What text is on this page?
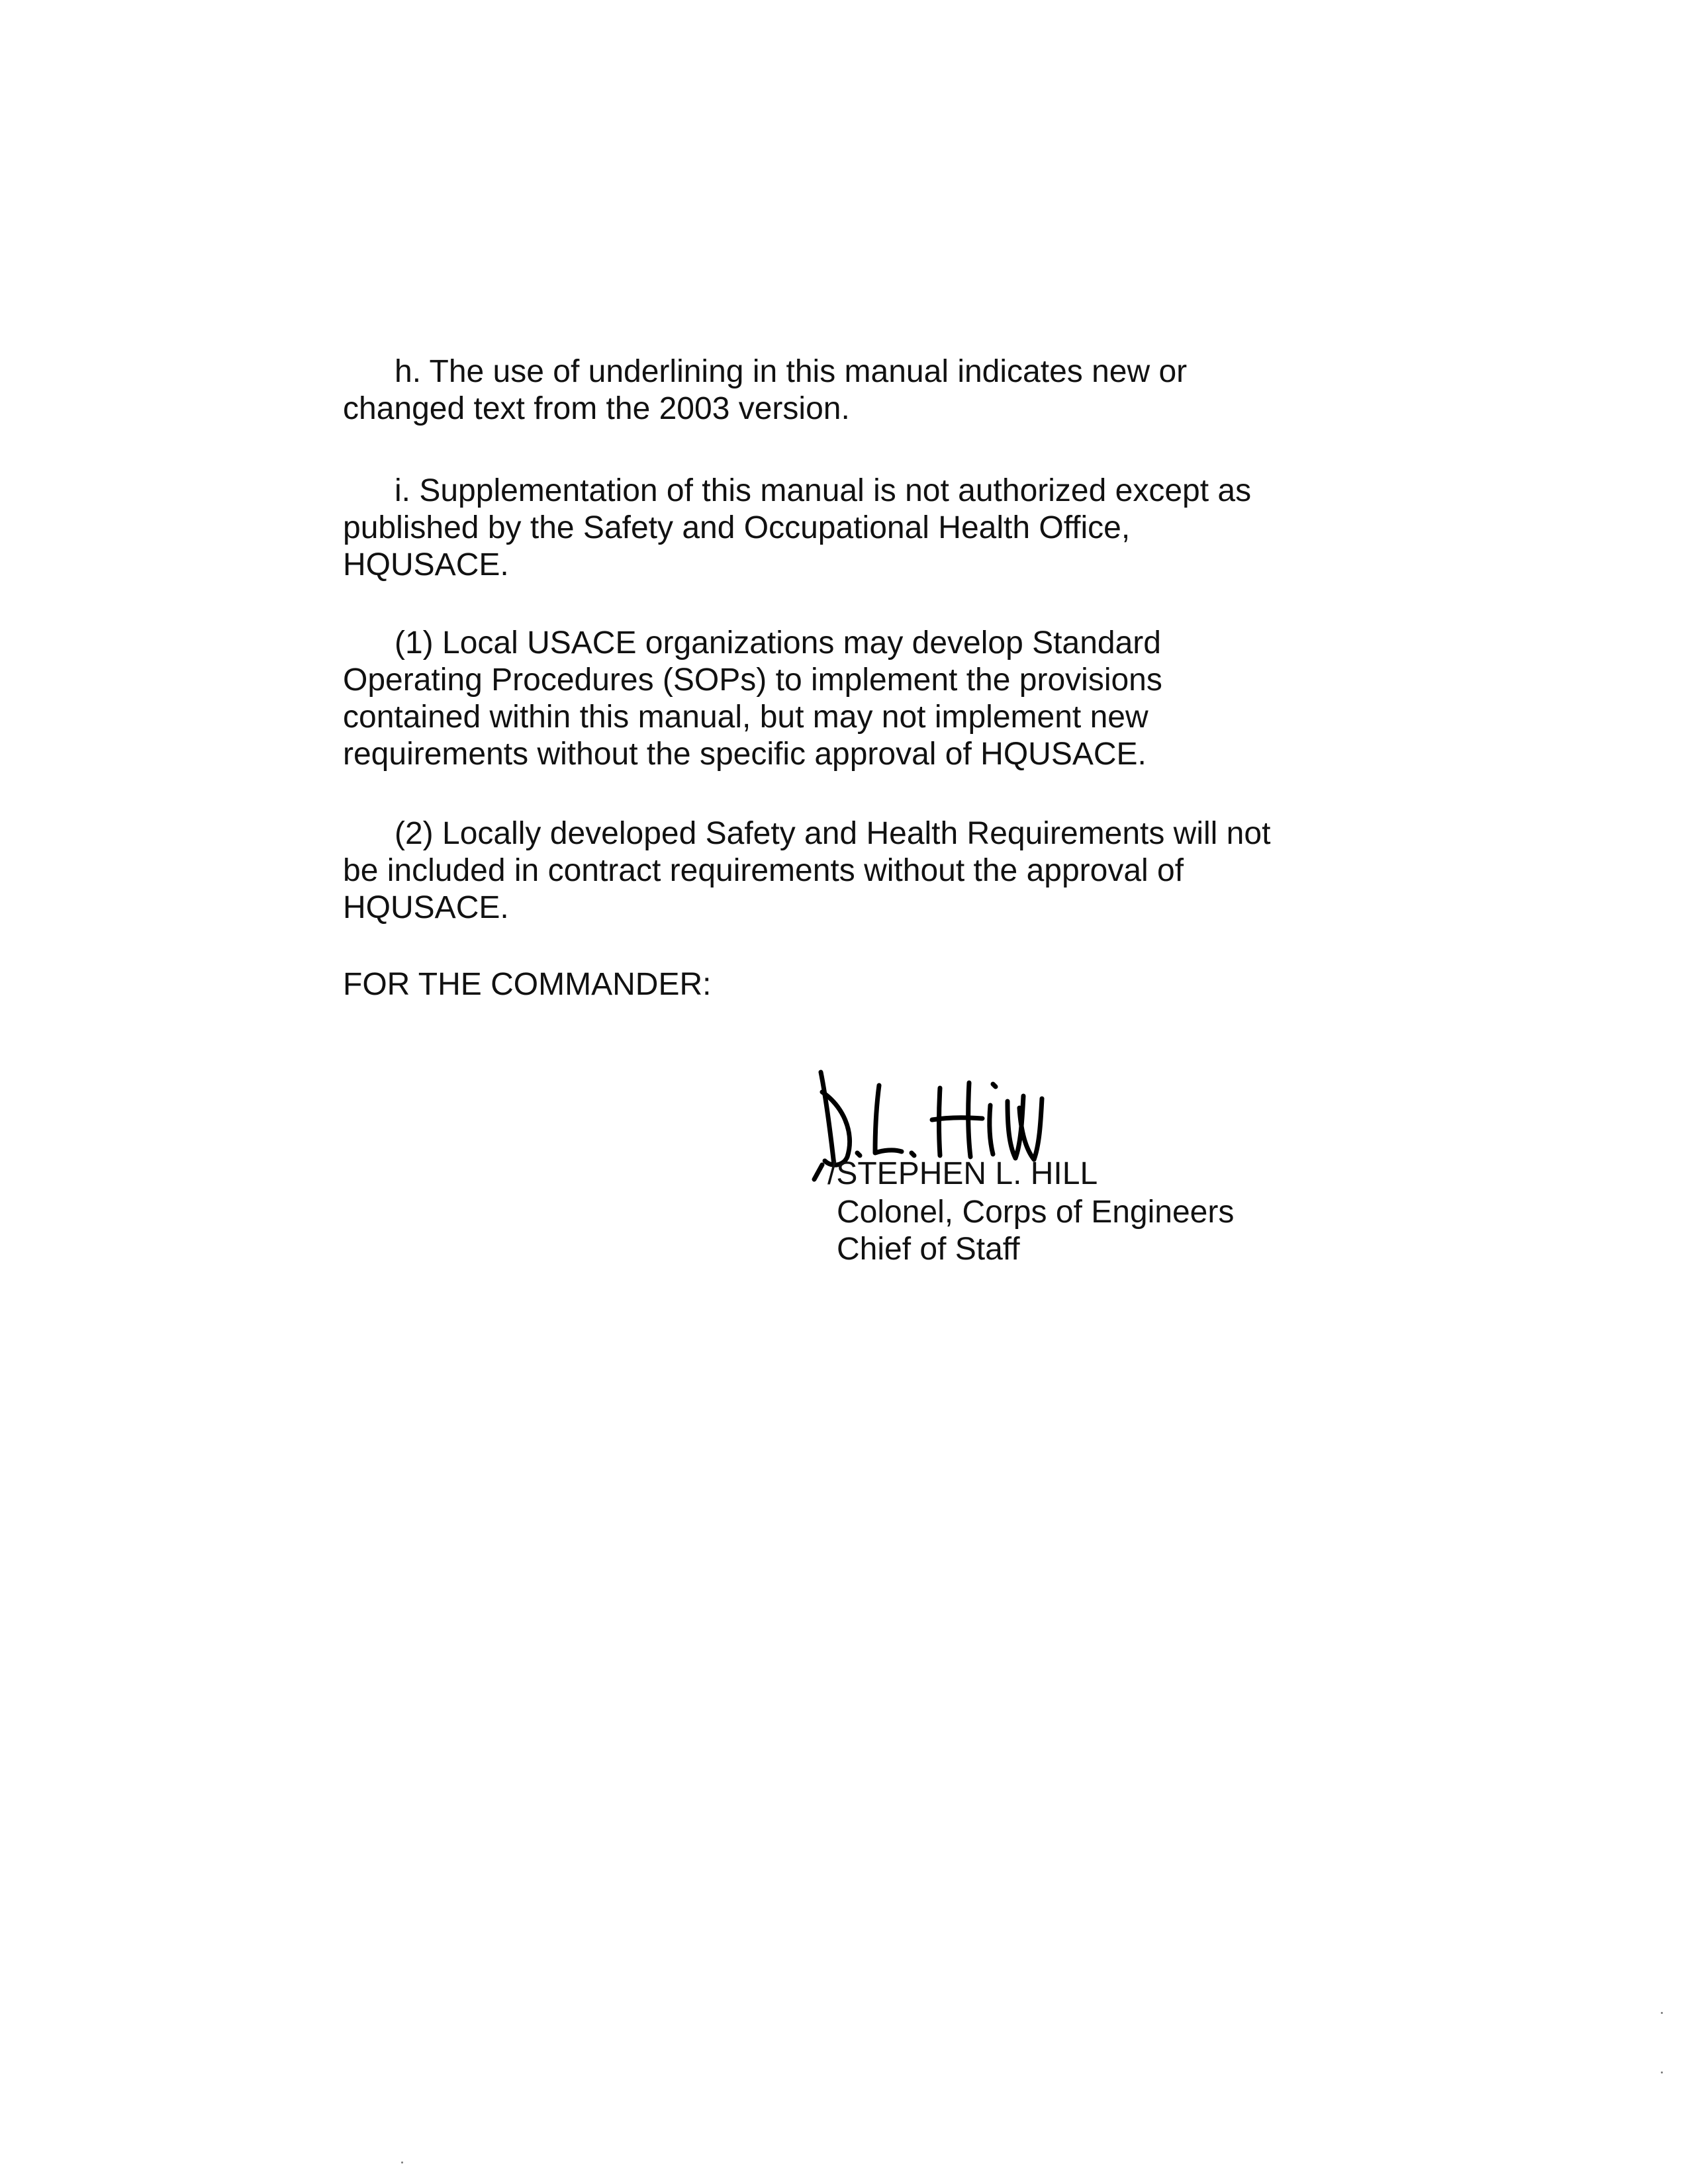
h. The use of underlining in this manual indicates new or
changed text from the 2003 version.

i. Supplementation of this manual is not authorized except as
published by the Safety and Occupational Health Office,
HQUSACE.

(1) Local USACE organizations may develop Standard
Operating Procedures (SOPs) to implement the provisions
contained within this manual, but may not implement new
requirements without the specific approval of HQUSACE.

(2) Locally developed Safety and Health Requirements will not
be included in contract requirements without the approval of
HQUSACE.

FOR THE COMMANDER:

/STEPHEN L. HILL

Colonel, Corps of Engineers

Chief of Staff
